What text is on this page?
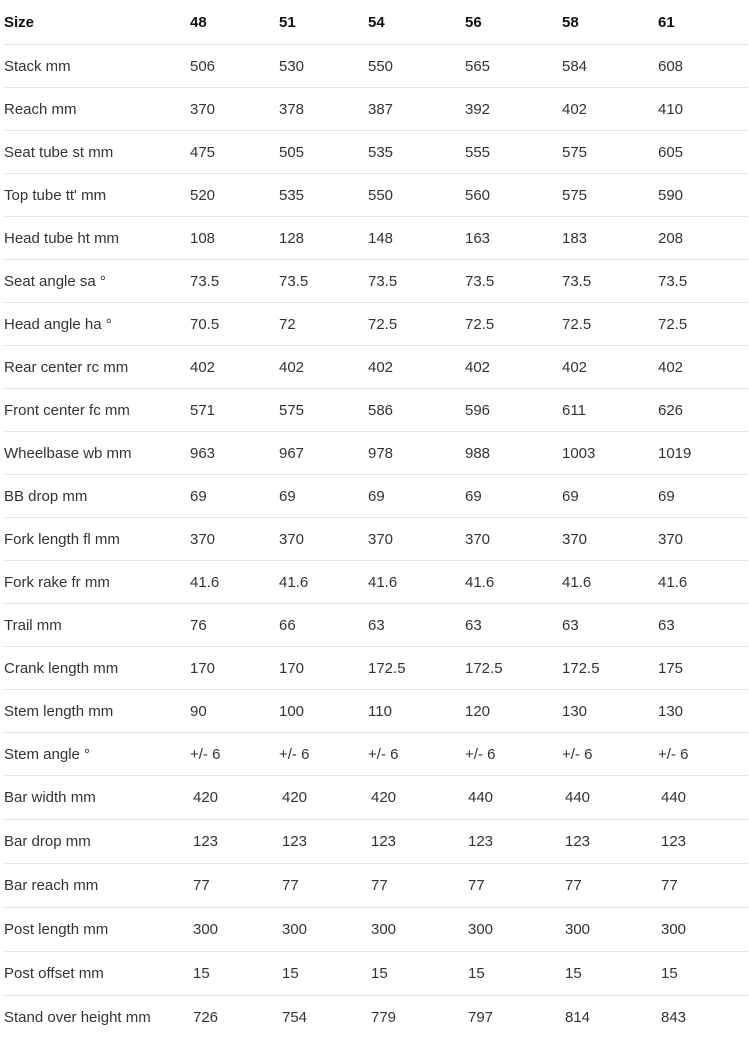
Size	48	51	54	56	58	61
Stack mm	506	530	550	565	584	608
Reach mm	370	378	387	392	402	410
Seat tube st mm	475	505	535	555	575	605
Top tube tt' mm	520	535	550	560	575	590
Head tube ht mm	108	128	148	163	183	208
Seat angle sa °	73.5	73.5	73.5	73.5	73.5	73.5
Head angle ha °	70.5	72	72.5	72.5	72.5	72.5
Rear center rc mm	402	402	402	402	402	402
Front center fc mm	571	575	586	596	611	626
Wheelbase wb mm	963	967	978	988	1003	1019
BB drop mm	69	69	69	69	69	69
Fork length fl mm	370	370	370	370	370	370
Fork rake fr mm	41.6	41.6	41.6	41.6	41.6	41.6
Trail mm	76	66	63	63	63	63
Crank length mm	170	170	172.5	172.5	172.5	175
Stem length mm	90	100	110	120	130	130
Stem angle °	+/- 6	+/- 6	+/- 6	+/- 6	+/- 6	+/- 6
Bar width mm	420	420	420	440	440	440
Bar drop mm	123	123	123	123	123	123
Bar reach mm	77	77	77	77	77	77
Post length mm	300	300	300	300	300	300
Post offset mm	15	15	15	15	15	15
Stand over height mm	726	754	779	797	814	843
